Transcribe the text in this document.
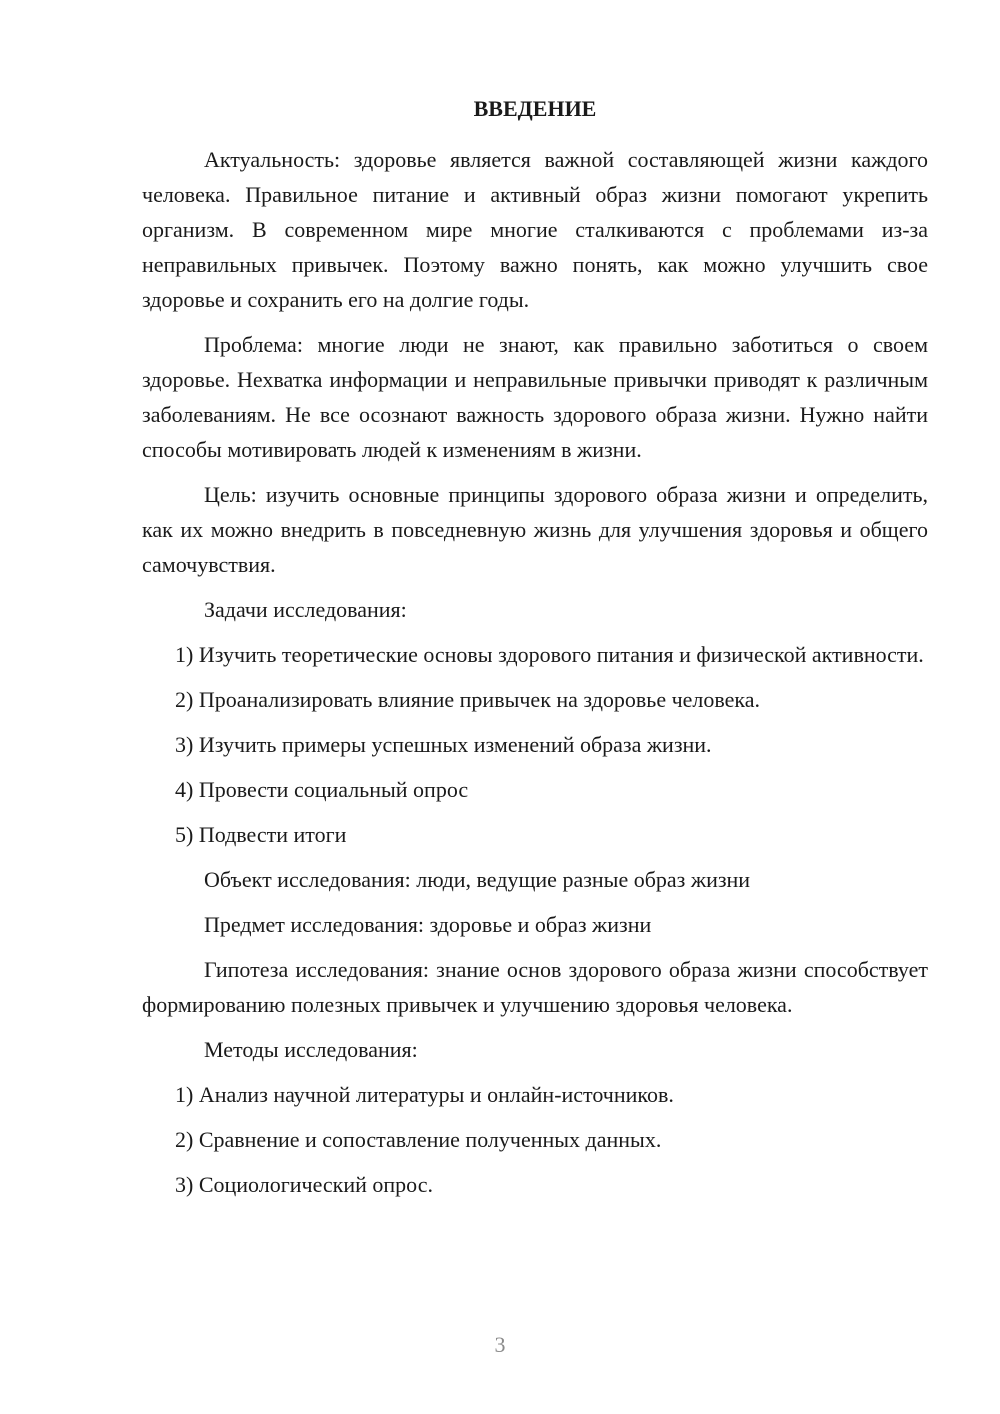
ВВЕДЕНИЕ

Актуальность: здоровье является важной составляющей жизни каждого человека. Правильное питание и активный образ жизни помогают укрепить организм. В современном мире многие сталкиваются с проблемами из-за неправильных привычек. Поэтому важно понять, как можно улучшить свое здоровье и сохранить его на долгие годы.

Проблема: многие люди не знают, как правильно заботиться о своем здоровье. Нехватка информации и неправильные привычки приводят к различным заболеваниям. Не все осознают важность здорового образа жизни. Нужно найти способы мотивировать людей к изменениям в жизни.

Цель: изучить основные принципы здорового образа жизни и определить, как их можно внедрить в повседневную жизнь для улучшения здоровья и общего самочувствия.

Задачи исследования:

1) Изучить теоретические основы здорового питания и физической активности.

2) Проанализировать влияние привычек на здоровье человека.

3) Изучить примеры успешных изменений образа жизни.

4) Провести социальный опрос

5) Подвести итоги

Объект исследования: люди, ведущие разные образ жизни

Предмет исследования: здоровье и образ жизни

Гипотеза исследования: знание основ здорового образа жизни способствует формированию полезных привычек и улучшению здоровья человека.

Методы исследования:

1) Анализ научной литературы и онлайн-источников.

2) Сравнение и сопоставление полученных данных.

3) Социологический опрос.

3
